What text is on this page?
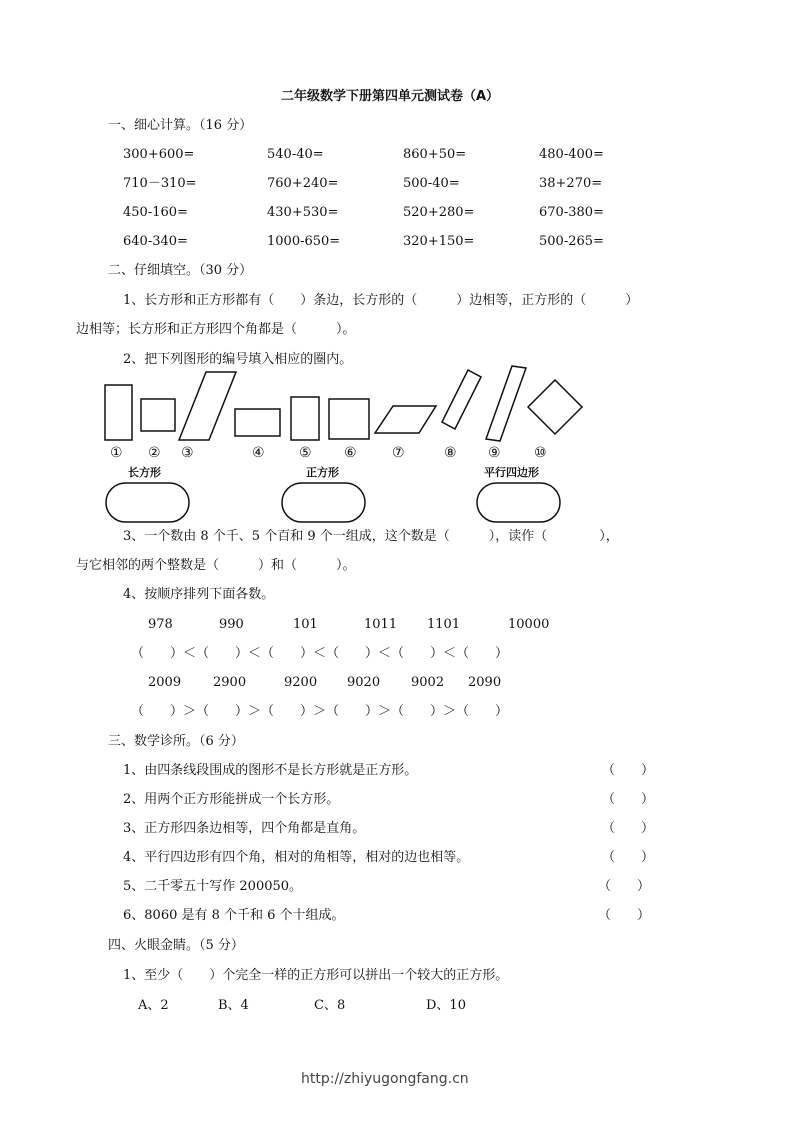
二年级数学下册第四单元测试卷（A）
一、细心计算。（16 分）
300+600=	540-40=	860+50=	480-400=
710－310=	760+240=	500-40=	38+270=
450-160=	430+530=	520+280=	670-380=
640-340=	1000-650=	320+150=	500-265=
二、仔细填空。（30 分）
1、长方形和正方形都有（　　）条边，长方形的（　　　）边相等，正方形的（　　　）
边相等；长方形和正方形四个角都是（　　　）。
2、把下列图形的编号填入相应的圈内。
① ② ③	④ ⑤ ⑥	⑦	⑧ ⑨ ⑩
长方形	正方形	平行四边形
3、一个数由 8 个千、5 个百和 9 个一组成，这个数是（　　　），读作（　　　　），
与它相邻的两个整数是（　　　）和（　　　）。
4、按顺序排列下面各数。
978	990	101	1011 1101	10000
（　　）＜（　　）＜（　　）＜（　　）＜（　　）＜（　　）
2009 2900	9200 9020 9002 2090
（　　）＞（　　）＞（　　）＞（　　）＞（　　）＞（　　）
三、数学诊所。（6 分）
1、由四条线段围成的图形不是长方形就是正方形。	（　　）
2、用两个正方形能拼成一个长方形。	（　　）
3、正方形四条边相等，四个角都是直角。	（　　）
4、平行四边形有四个角，相对的角相等，相对的边也相等。	（　　）
5、二千零五十写作 200050。	（　　）
6、8060 是有 8 个千和 6 个十组成。	（　　）
四、火眼金睛。（5 分）
1、至少（　　）个完全一样的正方形可以拼出一个较大的正方形。
A、2	B、4	C、8	D、10
http://zhiyugongfang.cn
